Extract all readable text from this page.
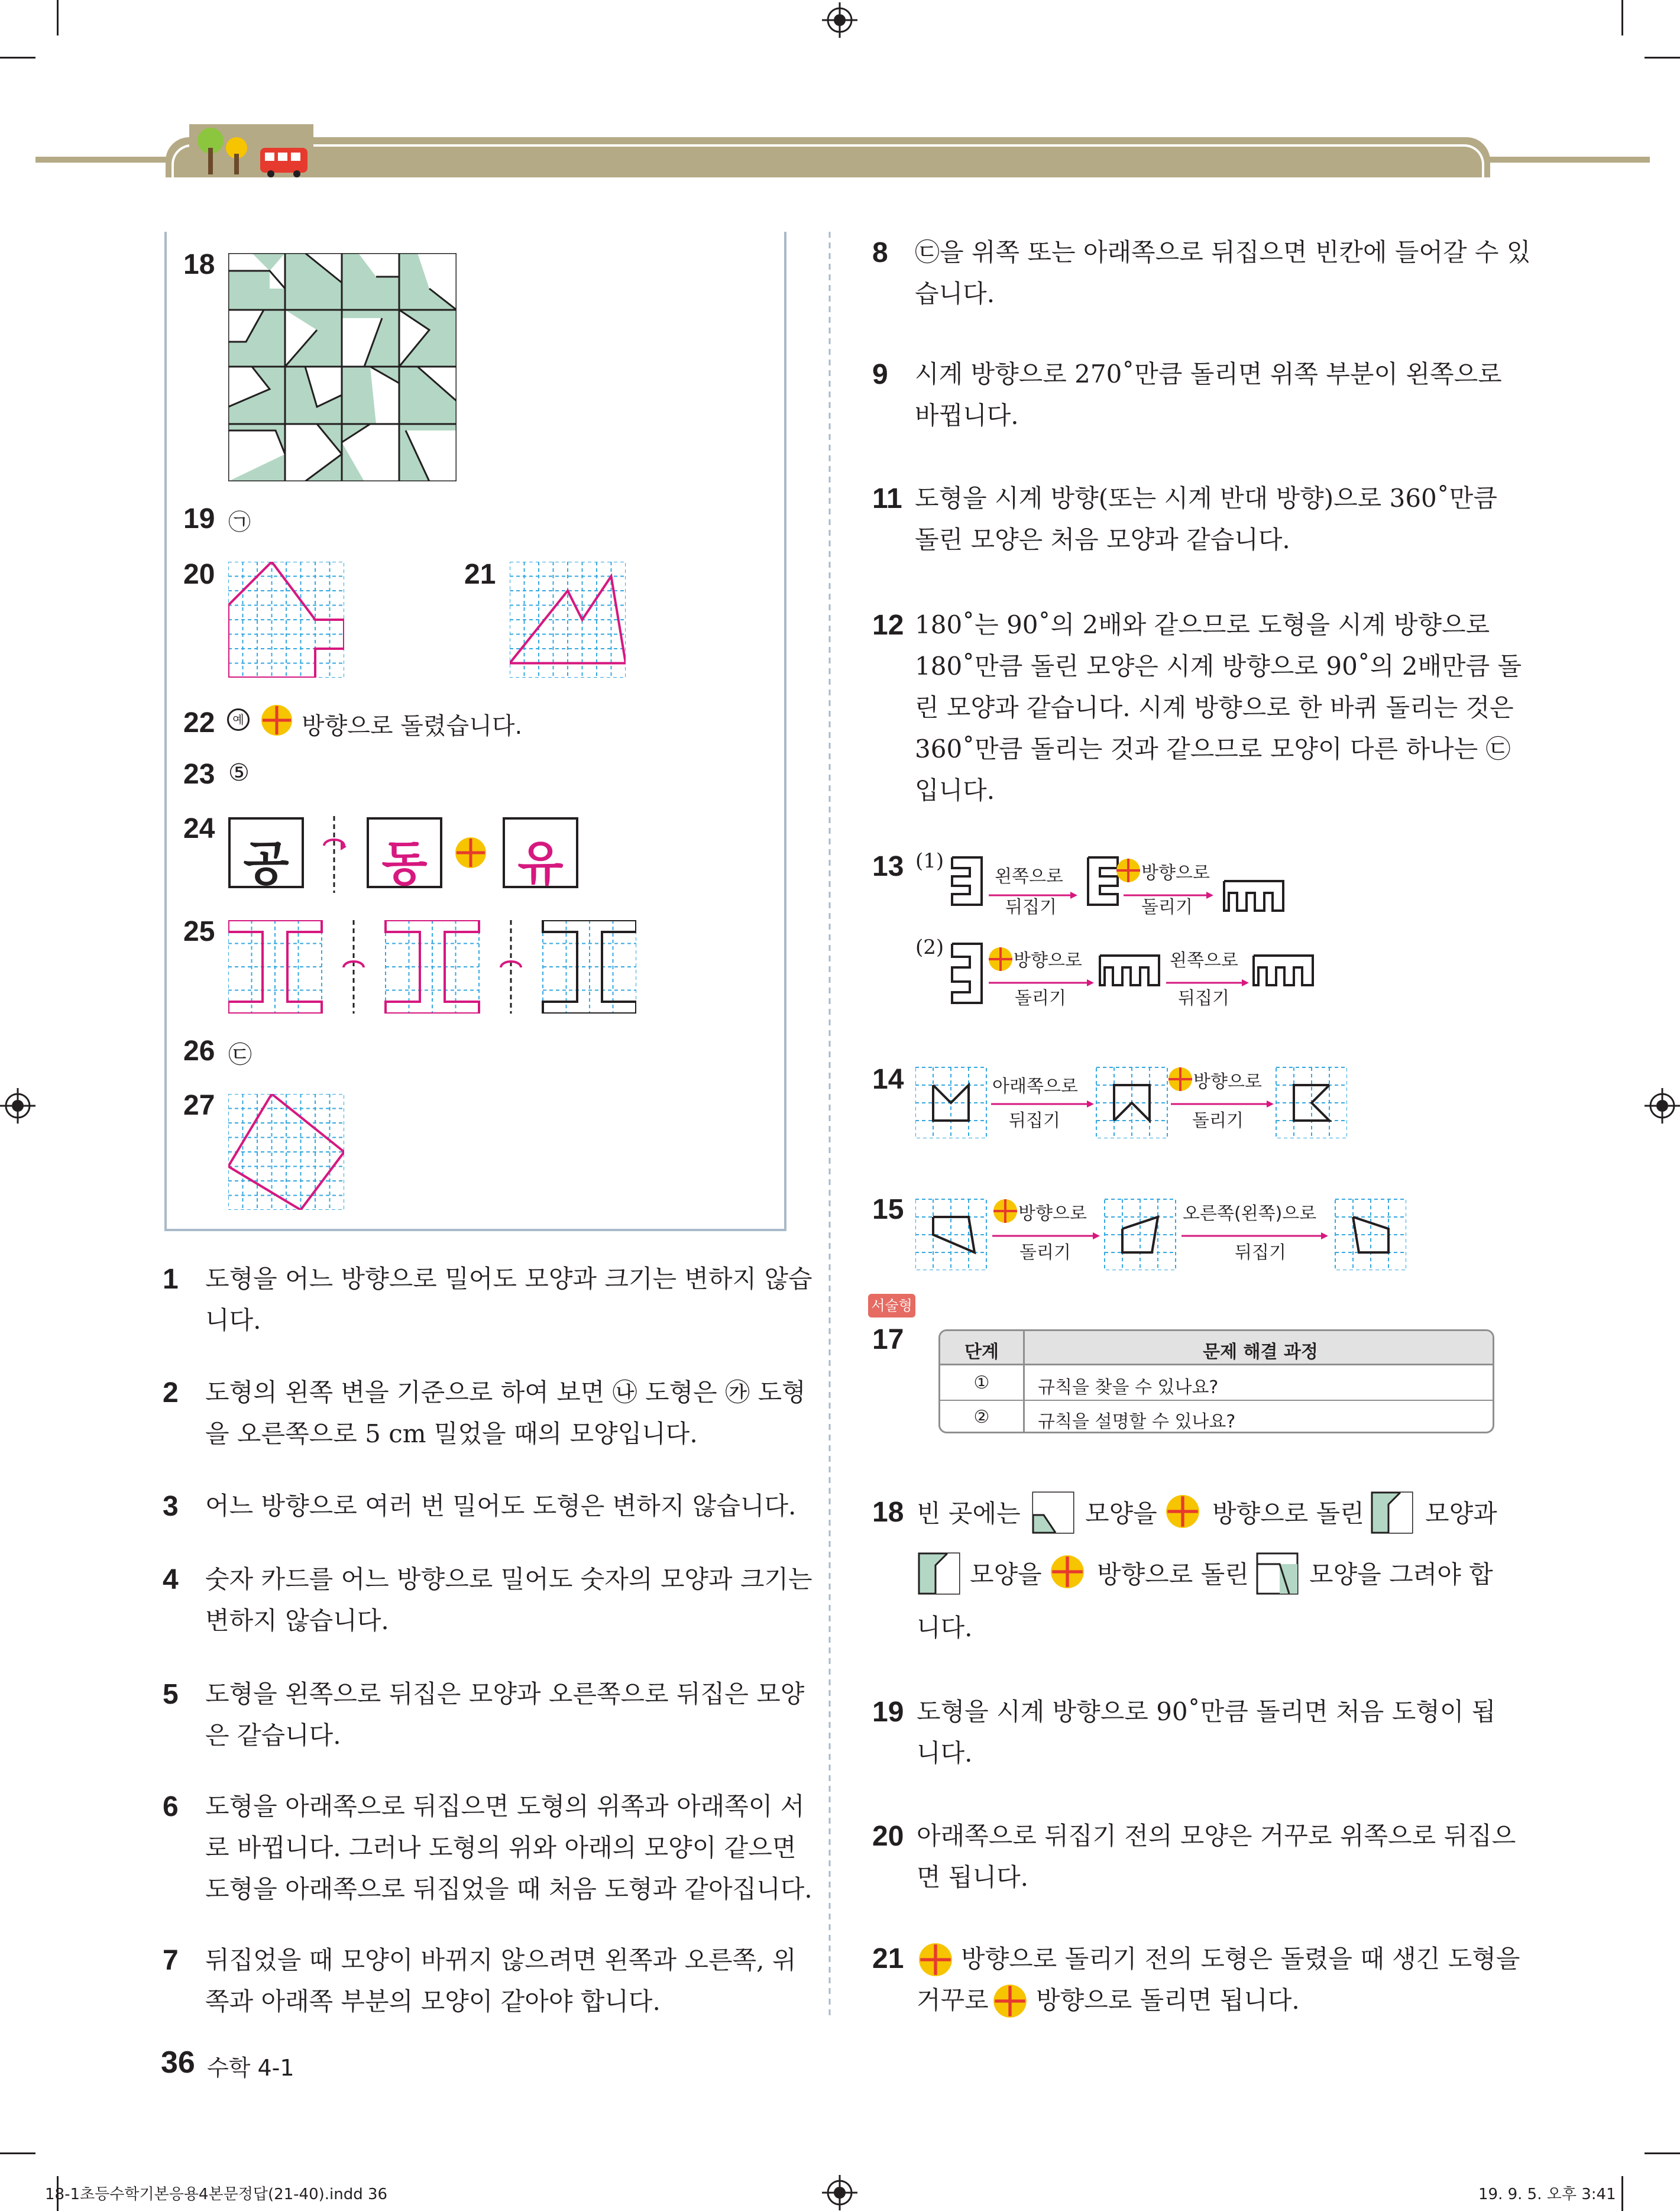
18
19 ㉠
20	21
22	예 방향으로 돌렸습니다.
23 ⑤
24
공 동 유
25
26 ㉢
27
1 도형을 어느 방향으로 밀어도 모양과 크기는 변하지 않습
니다.
2 도형의 왼쪽 변을 기준으로 하여 보면 ㉯ 도형은 ㉮ 도형
을 오른쪽으로 5 cm 밀었을 때의 모양입니다.
3 어느 방향으로 여러 번 밀어도 도형은 변하지 않습니다.
4 숫자 카드를 어느 방향으로 밀어도 숫자의 모양과 크기는
변하지 않습니다.
5 도형을 왼쪽으로 뒤집은 모양과 오른쪽으로 뒤집은 모양
은 같습니다.
6 도형을 아래쪽으로 뒤집으면 도형의 위쪽과 아래쪽이 서
로 바뀝니다. 그러나 도형의 위와 아래의 모양이 같으면
도형을 아래쪽으로 뒤집었을 때 처음 도형과 같아집니다.
7 뒤집었을 때 모양이 바뀌지 않으려면 왼쪽과 오른쪽, 위
쪽과 아래쪽 부분의 모양이 같아야 합니다.
8 ㉢을 위쪽 또는 아래쪽으로 뒤집으면 빈칸에 들어갈 수 있
습니다.
9 시계 방향으로 270˚만큼 돌리면 위쪽 부분이 왼쪽으로
바뀝니다.
11 도형을 시계 방향(또는 시계 반대 방향)으로 360˚만큼
돌린 모양은 처음 모양과 같습니다.
12 180˚는 90˚의 2배와 같으므로 도형을 시계 방향으로
180˚만큼 돌린 모양은 시계 방향으로 90˚의 2배만큼 돌
린 모양과 같습니다. 시계 방향으로 한 바퀴 돌리는 것은
360˚만큼 돌리는 것과 같으므로 모양이 다른 하나는 ㉢
입니다.
13 (1)
왼쪽으로
뒤집기
방향으로
돌리기
(2)
방향으로
돌리기
왼쪽으로
뒤집기
14	아래쪽으로
뒤집기
방향으로
돌리기
15	방향으로
돌리기
오른쪽(왼쪽)으로
뒤집기
서술형
17	단계	문제 해결 과정
①	규칙을 찾을 수 있나요?
②	규칙을 설명할 수 있나요?
18 빈 곳에는	모양을 방향으로 돌린 모양과
모양을 방향으로 돌린 모양을 그려야 합
니다.
19 도형을 시계 방향으로 90˚만큼 돌리면 처음 도형이 됩
니다.
20 아래쪽으로 뒤집기 전의 모양은 거꾸로 위쪽으로 뒤집으
면 됩니다.
21 방향으로 돌리기 전의 도형은 돌렸을 때 생긴 도형을
거꾸로 방향으로 돌리면 됩니다.
36 수학 4-1
18-1초등수학기본응용4본문정답(21-40).indd 36	19. 9. 5. 오후 3:41
